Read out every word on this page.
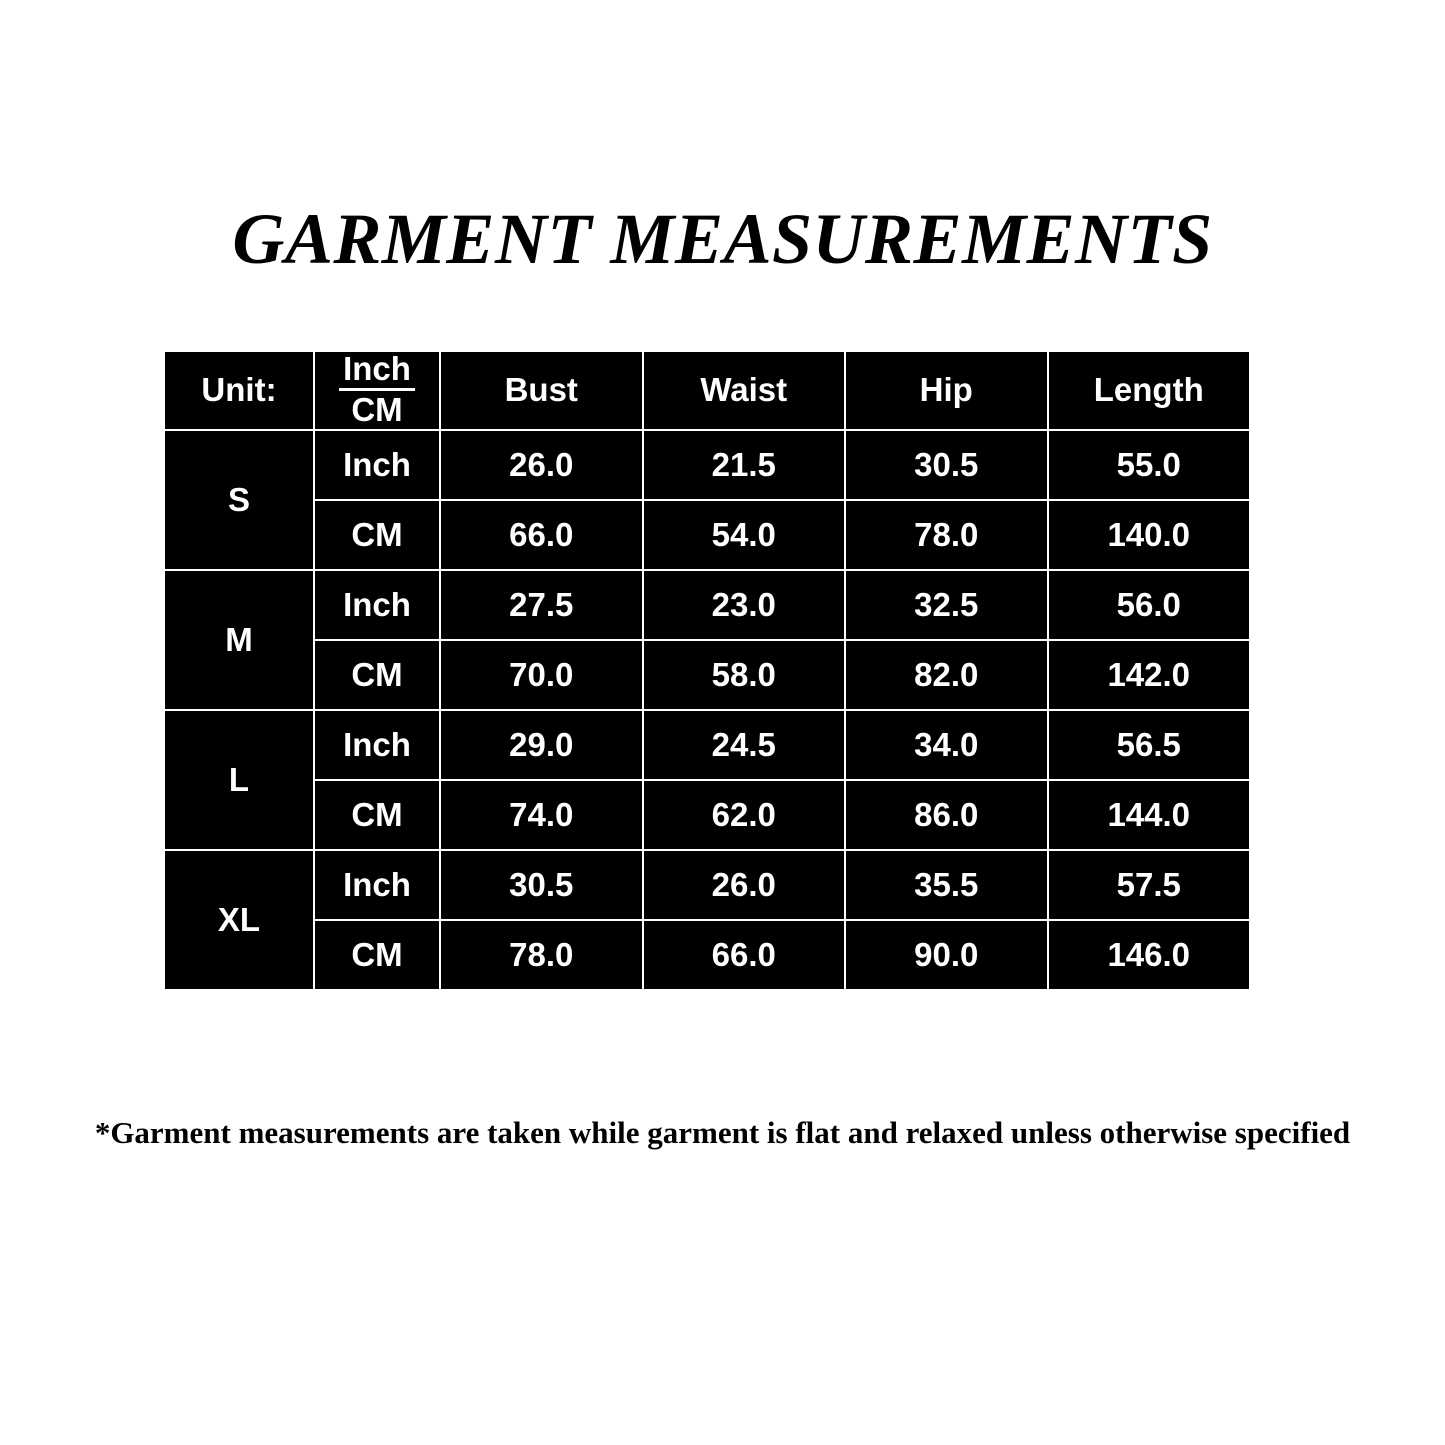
GARMENT MEASUREMENTS
Unit:	$\frac{\text{Inch}}{CM}$	Bust	Waist	Hip	Length
S	Inch	26.0	21.5	30.5	55.0
	CM	66.0	54.0	78.0	140.0
M	Inch	27.5	23.0	32.5	56.0
	CM	70.0	58.0	82.0	142.0
L	Inch	29.0	24.5	34.0	56.5
	CM	74.0	62.0	86.0	144.0
XL	Inch	30.5	26.0	35.5	57.5
	CM	78.0	66.0	90.0	146.0
*Garment measurements are taken while garment is flat and relaxed unless otherwise specified
